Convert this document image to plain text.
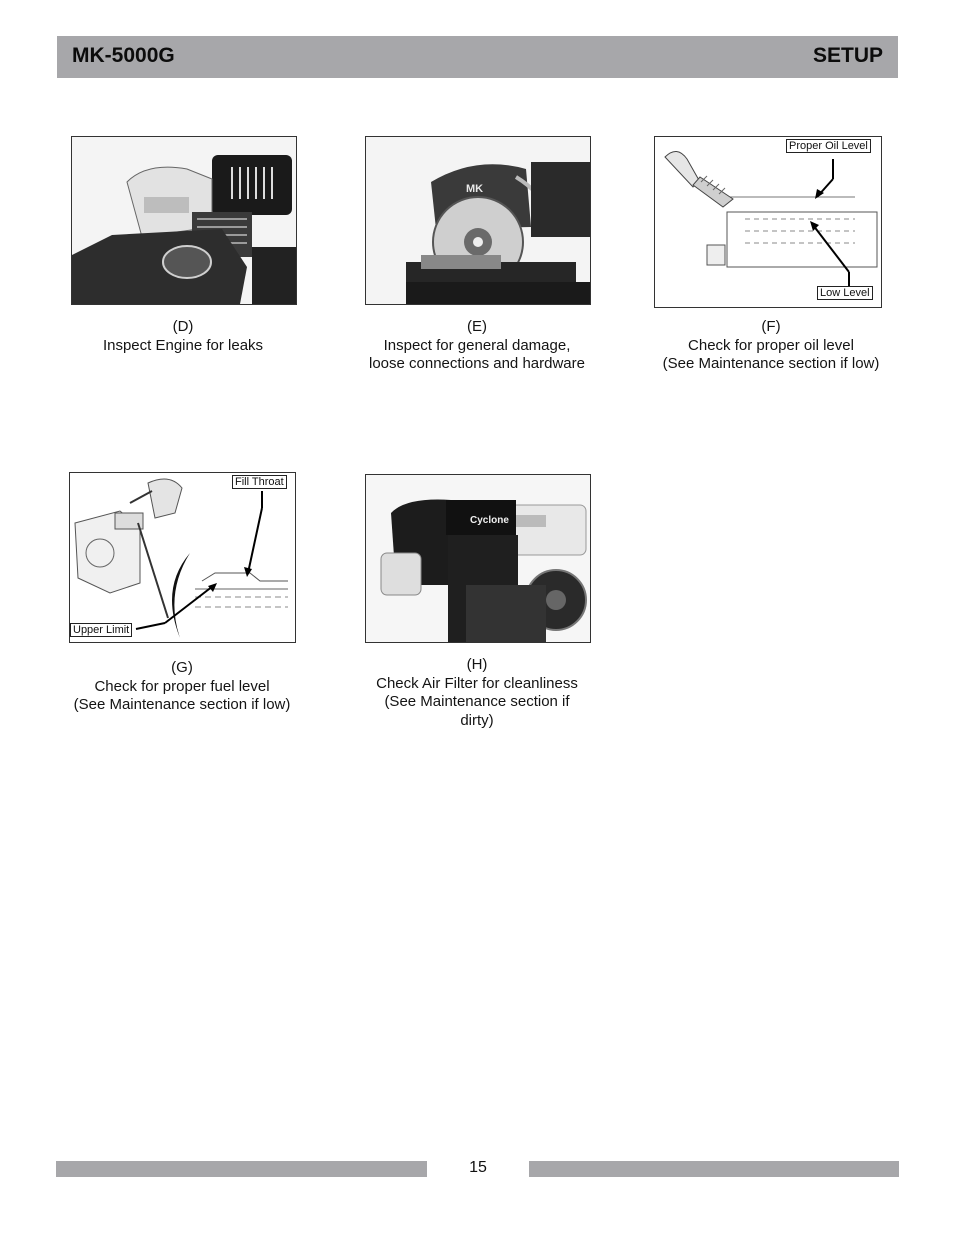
MK-5000G	SETUP
MK
Proper Oil Level
Low Level
Fill Throat
Upper Limit
Cyclone
(D)
Inspect Engine for leaks
(E)
Inspect for general damage,
loose connections and hardware
(F)
Check for proper oil level
(See Maintenance section if low)
(G)
Check for proper fuel level
(See Maintenance section if low)
(H)
Check Air Filter for cleanliness
(See Maintenance section if
dirty)
15
